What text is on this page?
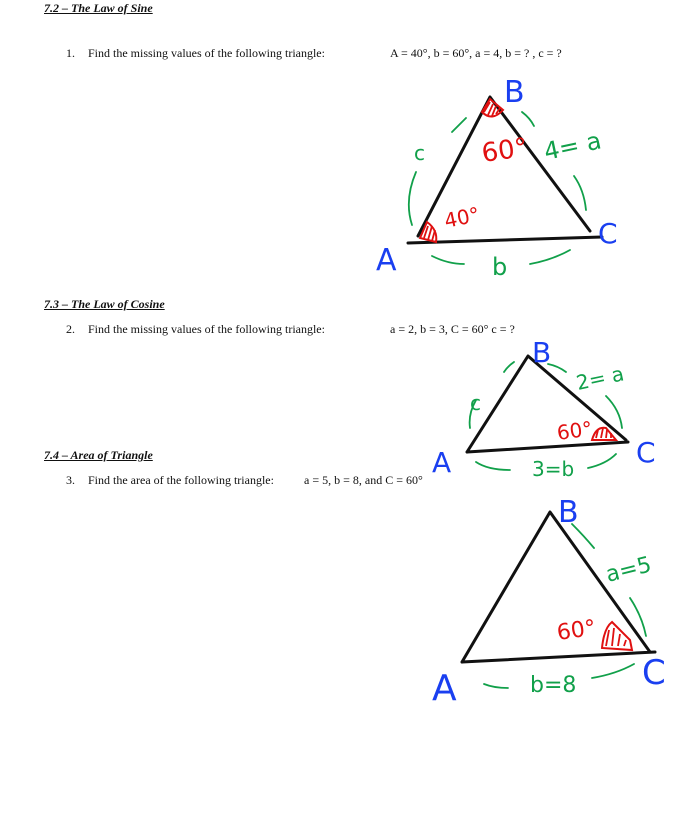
7.2 – The Law of Sine
1. Find the missing values of the following triangle:	A = 40°, b = 60°, a = 4, b = ? , c = ?
A
B
C
c	4= a
b
60°
40°
7.3 – The Law of Cosine
2. Find the missing values of the following triangle:	a = 2, b = 3, C = 60° c = ?
A
B
C
c
2= a
3=b
60°
7.4 – Area of Triangle
3. Find the area of the following triangle:	a = 5, b = 8, and C = 60°
A
B
C
a=5
b=8
60°
